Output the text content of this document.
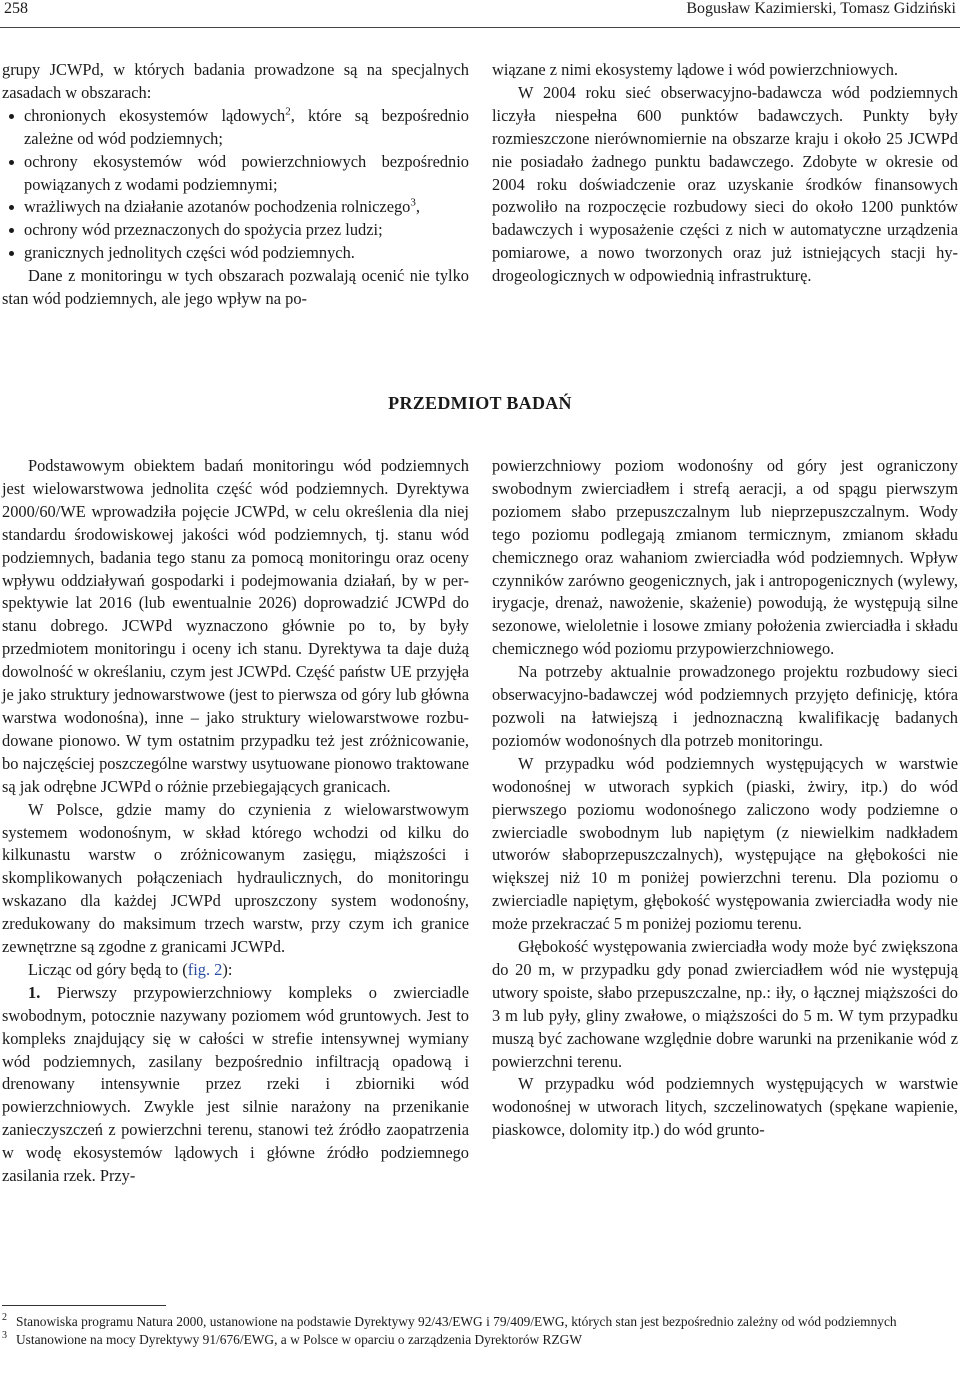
258	Bogusław Kazimierski, Tomasz Gidziński

grupy JCWPd, w których badania prowadzone są na specjalnych zasadach w obszarach:

chronionych ekosystemów lądowych$^2$, które są bezpośrednio zależne od wód podziemnych;
ochrony ekosystemów wód powierzchniowych bezpośrednio powiązanych z wodami podziemnymi;
wrażliwych na działanie azotanów pochodzenia rolniczego$^3$,
ochrony wód przeznaczonych do spożycia przez ludzi;
granicznych jednolitych części wód podziemnych.

Dane z monitoringu w tych obszarach pozwalają ocenić nie tylko stan wód podziemnych, ale jego wpływ na po-

wiązane z nimi ekosystemy lądowe i wód powierzchniowych.

W 2004 roku sieć obserwacyjno-badawcza wód podziemnych liczyła niespełna 600 punktów badawczych. Punkty były rozmieszczone nierównomiernie na obszarze kraju i około 25 JCWPd nie posiadało żadnego punktu badawczego. Zdobyte w okresie od 2004 roku doświadczenie oraz uzyskanie środków finansowych pozwoliło na rozpoczęcie rozbudowy sieci do około 1200 punktów badawczych i wyposażenie części z nich w automatyczne urządzenia pomiarowe, a nowo tworzonych oraz już istniejących stacji hydrogeologicznych w odpowiednią infrastrukturę.

PRZEDMIOT BADAŃ

Podstawowym obiektem badań monitoringu wód podziemnych jest wielowarstwowa jednolita część wód podziemnych. Dyrektywa 2000/60/WE wprowadziła pojęcie JCWPd, w celu określenia dla niej standardu środowiskowej jakości wód podziemnych, tj. stanu wód podziemnych, badania tego stanu za pomocą monitoringu oraz oceny wpływu oddziaływań gospodarki i podejmowania działań, by w perspektywie lat 2016 (lub ewentualnie 2026) doprowadzić JCWPd do stanu dobrego. JCWPd wyznaczono głównie po to, by były przedmiotem monitoringu i oceny ich stanu. Dyrektywa ta daje dużą dowolność w określaniu, czym jest JCWPd. Część państw UE przyjęła je jako struktury jednowarstwowe (jest to pierwsza od góry lub główna warstwa wodonośna), inne – jako struktury wielowarstwowe rozbudowane pionowo. W tym ostatnim przypadku też jest zróżnicowanie, bo najczęściej poszczególne warstwy usytuowane pionowo traktowane są jak odrębne JCWPd o różnie przebiegających granicach.

W Polsce, gdzie mamy do czynienia z wielowarstwowym systemem wodonośnym, w skład którego wchodzi od kilku do kilkunastu warstw o zróżnicowanym zasięgu, miąższości i skomplikowanych połączeniach hydraulicznych, do monitoringu wskazano dla każdej JCWPd uproszczony system wodonośny, zredukowany do maksimum trzech warstw, przy czym ich granice zewnętrzne są zgodne z granicami JCWPd.

Licząc od góry będą to (fig. 2):

1. Pierwszy przypowierzchniowy kompleks o zwierciadle swobodnym, potocznie nazywany poziomem wód gruntowych. Jest to kompleks znajdujący się w całości w strefie intensywnej wymiany wód podziemnych, zasilany bezpośrednio infiltracją opadową i drenowany intensywnie przez rzeki i zbiorniki wód powierzchniowych. Zwykle jest silnie narażony na przenikanie zanieczyszczeń z powierzchni terenu, stanowi też źródło zaopatrzenia w wodę ekosystemów lądowych i główne źródło podziemnego zasilania rzek. Przy-

powierzchniowy poziom wodonośny od góry jest ograniczony swobodnym zwierciadłem i strefą aeracji, a od spągu pierwszym poziomem słabo przepuszczalnym lub nieprzepuszczalnym. Wody tego poziomu podlegają zmianom termicznym, zmianom składu chemicznego oraz wahaniom zwierciadła wód podziemnych. Wpływ czynników zarówno geogenicznych, jak i antropogenicznych (wylewy, irygacje, drenaż, nawożenie, skażenie) powodują, że występują silne sezonowe, wieloletnie i losowe zmiany położenia zwierciadła i składu chemicznego wód poziomu przypowierzchniowego.

Na potrzeby aktualnie prowadzonego projektu rozbudowy sieci obserwacyjno-badawczej wód podziemnych przyjęto definicję, która pozwoli na łatwiejszą i jednoznaczną kwalifikację badanych poziomów wodonośnych dla potrzeb monitoringu.

W przypadku wód podziemnych występujących w warstwie wodonośnej w utworach sypkich (piaski, żwiry, itp.) do wód pierwszego poziomu wodonośnego zaliczono wody podziemne o zwierciadle swobodnym lub napiętym (z niewielkim nadkładem utworów słaboprzepuszczalnych), występujące na głębokości nie większej niż 10 m poniżej powierzchni terenu. Dla poziomu o zwierciadle napiętym, głębokość występowania zwierciadła wody nie może przekraczać 5 m poniżej poziomu terenu.

Głębokość występowania zwierciadła wody może być zwiększona do 20 m, w przypadku gdy ponad zwierciadłem wód nie występują utwory spoiste, słabo przepuszczalne, np.: iły, o łącznej miąższości do 3 m lub pyły, gliny zwałowe, o miąższości do 5 m. W tym przypadku muszą być zachowane względnie dobre warunki na przenikanie wód z powierzchni terenu.

W przypadku wód podziemnych występujących w warstwie wodonośnej w utworach litych, szczelinowatych (spękane wapienie, piaskowce, dolomity itp.) do wód grunto-

2 Stanowiska programu Natura 2000, ustanowione na podstawie Dyrektywy 92/43/EWG i 79/409/EWG, których stan jest bezpośrednio zależny od wód podziemnych

3 Ustanowione na mocy Dyrektywy 91/676/EWG, a w Polsce w oparciu o zarządzenia Dyrektorów RZGW
